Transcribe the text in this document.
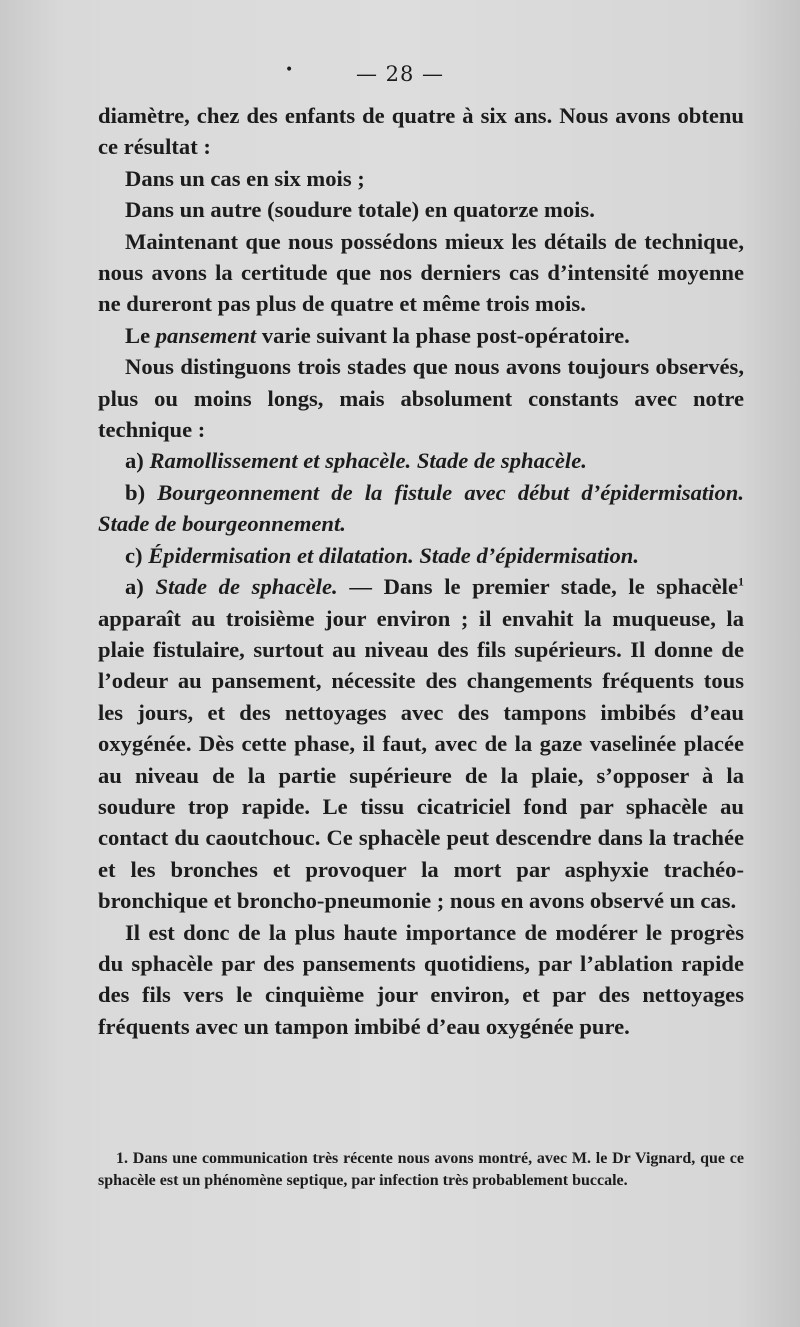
•	— 28 —

diamètre, chez des enfants de quatre à six ans. Nous avons obtenu ce résultat :

Dans un cas en six mois ;

Dans un autre (soudure totale) en quatorze mois.

Maintenant que nous possédons mieux les détails de technique, nous avons la certitude que nos derniers cas d’intensité moyenne ne dureront pas plus de quatre et même trois mois.

Le pansement varie suivant la phase post-opératoire.

Nous distinguons trois stades que nous avons toujours observés, plus ou moins longs, mais absolument constants avec notre technique :

a) Ramollissement et sphacèle. Stade de sphacèle.

b) Bourgeonnement de la fistule avec début d’épidermisation. Stade de bourgeonnement.

c) Épidermisation et dilatation. Stade d’épidermisation.

a) Stade de sphacèle. — Dans le premier stade, le sphacèle$^1$ apparaît au troisième jour environ ; il envahit la muqueuse, la plaie fistulaire, surtout au niveau des fils supérieurs. Il donne de l’odeur au pansement, nécessite des changements fréquents tous les jours, et des nettoyages avec des tampons imbibés d’eau oxygénée. Dès cette phase, il faut, avec de la gaze vaselinée placée au niveau de la partie supérieure de la plaie, s’opposer à la soudure trop rapide. Le tissu cicatriciel fond par sphacèle au contact du caoutchouc. Ce sphacèle peut descendre dans la trachée et les bronches et provoquer la mort par asphyxie trachéo-bronchique et broncho-pneumonie ; nous en avons observé un cas.

Il est donc de la plus haute importance de modérer le progrès du sphacèle par des pansements quotidiens, par l’ablation rapide des fils vers le cinquième jour environ, et par des nettoyages fréquents avec un tampon imbibé d’eau oxygénée pure.

1. Dans une communication très récente nous avons montré, avec M. le Dr Vignard, que ce sphacèle est un phénomène septique, par infection très probablement buccale.
